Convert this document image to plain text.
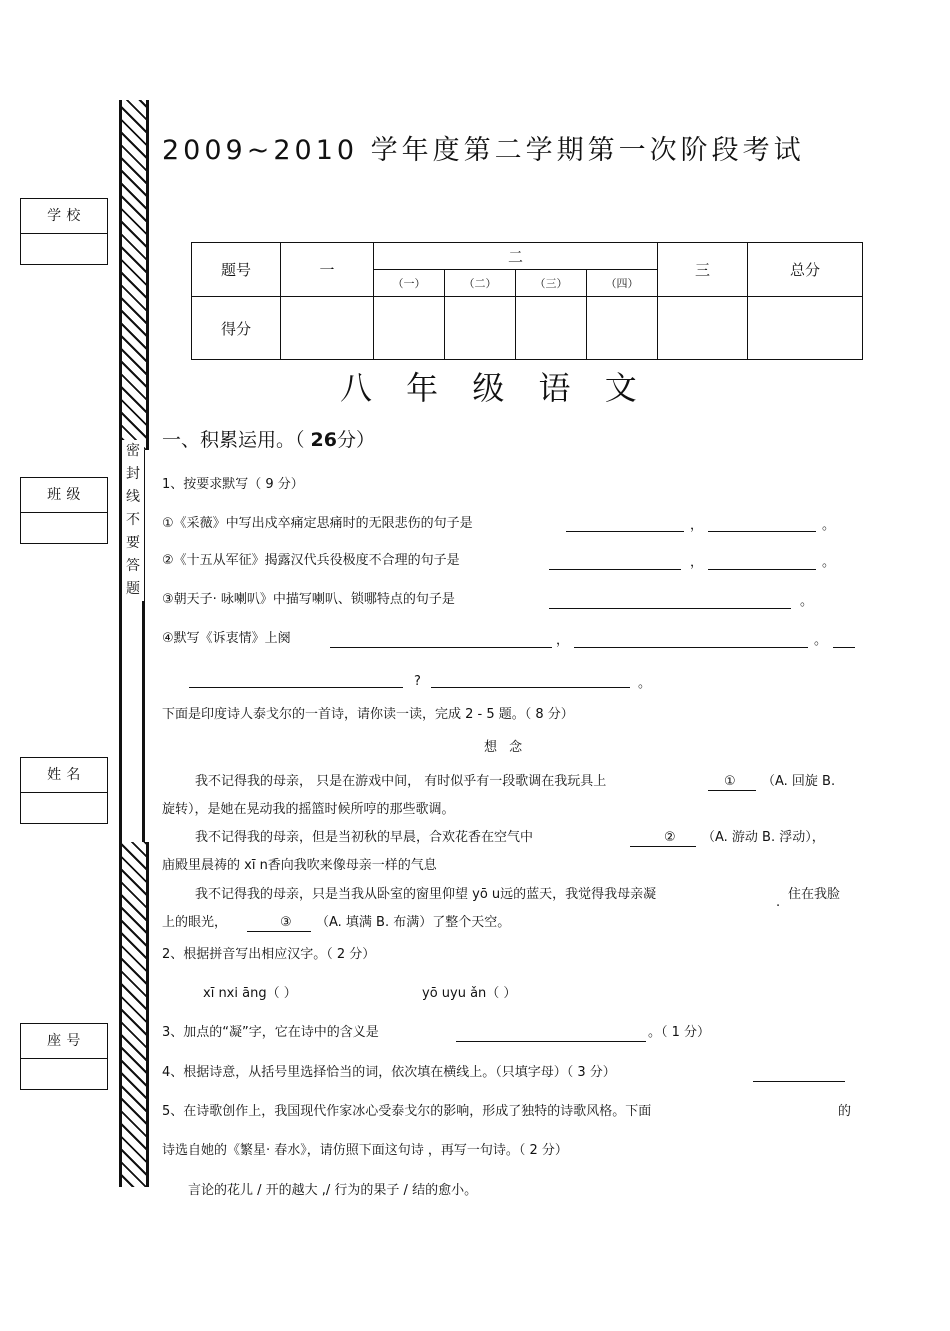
学 校
班 级
姓 名
座 号
密
封
线
不
要
答
题
2009~2010 学年度第二学期第一次阶段考试
题号	一	二				三	总分
		（一）	（二）	（三）	（四）		
得分							
八 年 级 语 文
一、积累运用。（ 26分）
1、按要求默写（ 9 分）
①《采薇》中写出戍卒痛定思痛时的无限悲伤的句子是	，	。
②《十五从军征》揭露汉代兵役极度不合理的句子是	，	。
③朝天子· 咏喇叭》中描写喇叭、锁哪特点的句子是	。
④默写《诉衷情》上阕	，	。
?	。
下面是印度诗人泰戈尔的一首诗，请你读一读，完成 2 - 5 题。（ 8 分）
想 念
我不记得我的母亲， 只是在游戏中间， 有时似乎有一段歌调在我玩具上	① （A. 回旋 B.
旋转），是她在晃动我的摇篮时候所哼的那些歌调。
我不记得我的母亲，但是当初秋的早晨，合欢花香在空气中	② （A. 游动 B. 浮动），
庙殿里晨祷的 xī n香向我吹来像母亲一样的气息
我不记得我的母亲，只是当我从卧室的窗里仰望 yō u远的蓝天，我觉得我母亲凝
.
住在我脸
上的眼光，	③ （A. 填满 B. 布满）了整个天空。
2、根据拼音写出相应汉字。（ 2 分）
xī nxi āng（ ）	yō uyu ǎn（ ）
3、加点的“凝”字，它在诗中的含义是	。（ 1 分）
4、根据诗意，从括号里选择恰当的词，依次填在横线上。（只填字母）（ 3 分）
5、在诗歌创作上，我国现代作家冰心受泰戈尔的影响，形成了独特的诗歌风格。下面	的
诗选自她的《繁星· 春水》，请仿照下面这句诗 ，再写一句诗。（ 2 分）
言论的花儿 / 开的越大 ,/ 行为的果子 / 结的愈小。
